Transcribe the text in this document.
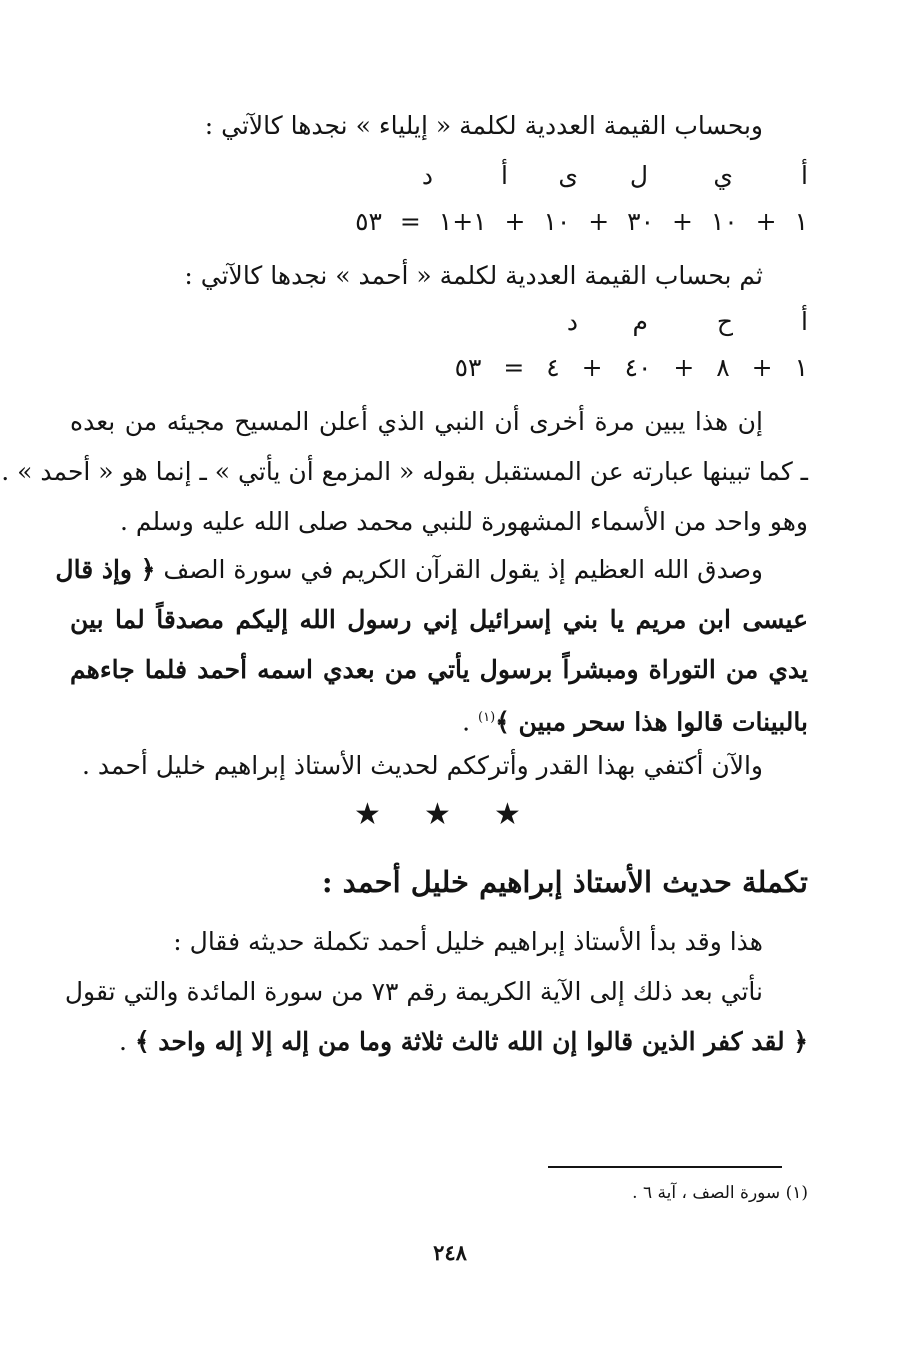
وبحساب القيمة العددية لكلمة « إيلياء » نجدها كالآتي :
أ
ي
ل
ى
أ
د
١ + ١٠ + ٣٠ + ١٠ + ١+١ = ٥٣
ثم بحساب القيمة العددية لكلمة « أحمد » نجدها كالآتي :
أ
ح
م
د
١ + ٨ + ٤٠ + ٤ = ٥٣
إن هذا يبين مرة أخرى أن النبي الذي أعلن المسيح مجيئه من بعده
ـ كما تبينها عبارته عن المستقبل بقوله « المزمع أن يأتي » ـ إنما هو « أحمد » .
وهو واحد من الأسماء المشهورة للنبي محمد صلى الله عليه وسلم .
وصدق الله العظيم إذ يقول القرآن الكريم في سورة الصف ﴿ وإذ قال
عيسى ابن مريم يا بني إسرائيل إني رسول الله إليكم مصدقاً لما بين
يدي من التوراة ومبشراً برسول يأتي من بعدي اسمه أحمد فلما جاءهم
بالبينات قالوا هذا سحر مبين ﴾$^{(١)}$ .
والآن أكتفي بهذا القدر وأترككم لحديث الأستاذ إبراهيم خليل أحمد .
★ ★ ★
تكملة حديث الأستاذ إبراهيم خليل أحمد :
هذا وقد بدأ الأستاذ إبراهيم خليل أحمد تكملة حديثه فقال :
نأتي بعد ذلك إلى الآية الكريمة رقم ٧٣ من سورة المائدة والتي تقول
﴿ لقد كفر الذين قالوا إن الله ثالث ثلاثة وما من إله إلا إله واحد ﴾ .
(١) سورة الصف ، آية ٦ .
٢٤٨
